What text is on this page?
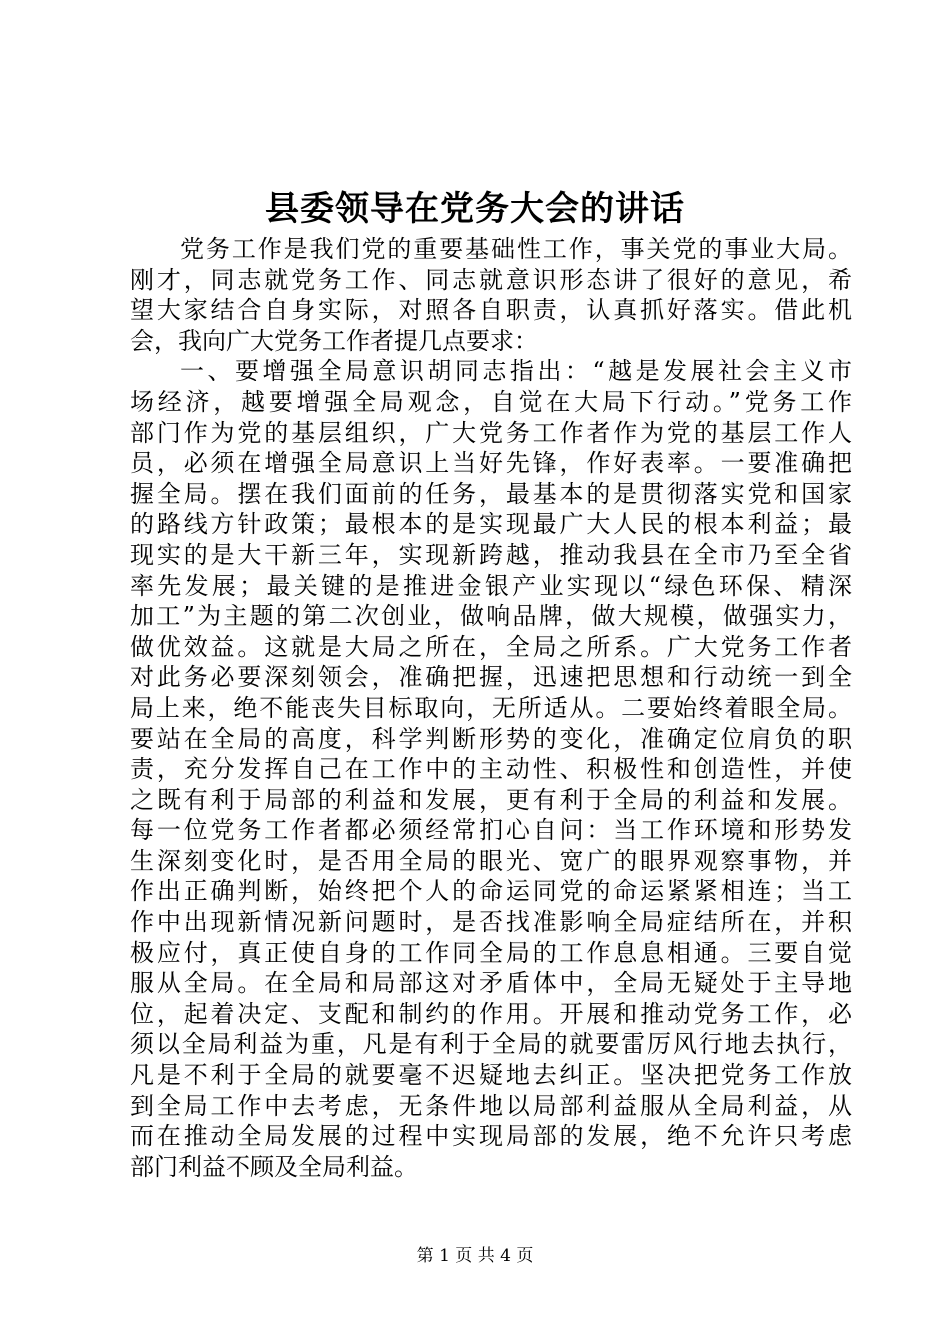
县委领导在党务大会的讲话
党务工作是我们党的重要基础性工作，事关党的事业大局。
刚才，同志就党务工作、同志就意识形态讲了很好的意见，希
望大家结合自身实际，对照各自职责，认真抓好落实。借此机
会，我向广大党务工作者提几点要求：
一、要增强全局意识胡同志指出：“越是发展社会主义市
场经济，越要增强全局观念，自觉在大局下行动。”党务工作
部门作为党的基层组织，广大党务工作者作为党的基层工作人
员，必须在增强全局意识上当好先锋，作好表率。一要准确把
握全局。摆在我们面前的任务，最基本的是贯彻落实党和国家
的路线方针政策；最根本的是实现最广大人民的根本利益；最
现实的是大干新三年，实现新跨越，推动我县在全市乃至全省
率先发展；最关键的是推进金银产业实现以“绿色环保、精深
加工”为主题的第二次创业，做响品牌，做大规模，做强实力，
做优效益。这就是大局之所在，全局之所系。广大党务工作者
对此务必要深刻领会，准确把握，迅速把思想和行动统一到全
局上来，绝不能丧失目标取向，无所适从。二要始终着眼全局。
要站在全局的高度，科学判断形势的变化，准确定位肩负的职
责，充分发挥自己在工作中的主动性、积极性和创造性，并使
之既有利于局部的利益和发展，更有利于全局的利益和发展。
每一位党务工作者都必须经常扪心自问：当工作环境和形势发
生深刻变化时，是否用全局的眼光、宽广的眼界观察事物，并
作出正确判断，始终把个人的命运同党的命运紧紧相连；当工
作中出现新情况新问题时，是否找准影响全局症结所在，并积
极应付，真正使自身的工作同全局的工作息息相通。三要自觉
服从全局。在全局和局部这对矛盾体中，全局无疑处于主导地
位，起着决定、支配和制约的作用。开展和推动党务工作，必
须以全局利益为重，凡是有利于全局的就要雷厉风行地去执行，
凡是不利于全局的就要毫不迟疑地去纠正。坚决把党务工作放
到全局工作中去考虑，无条件地以局部利益服从全局利益，从
而在推动全局发展的过程中实现局部的发展，绝不允许只考虑
部门利益不顾及全局利益。
第 1 页 共 4 页
